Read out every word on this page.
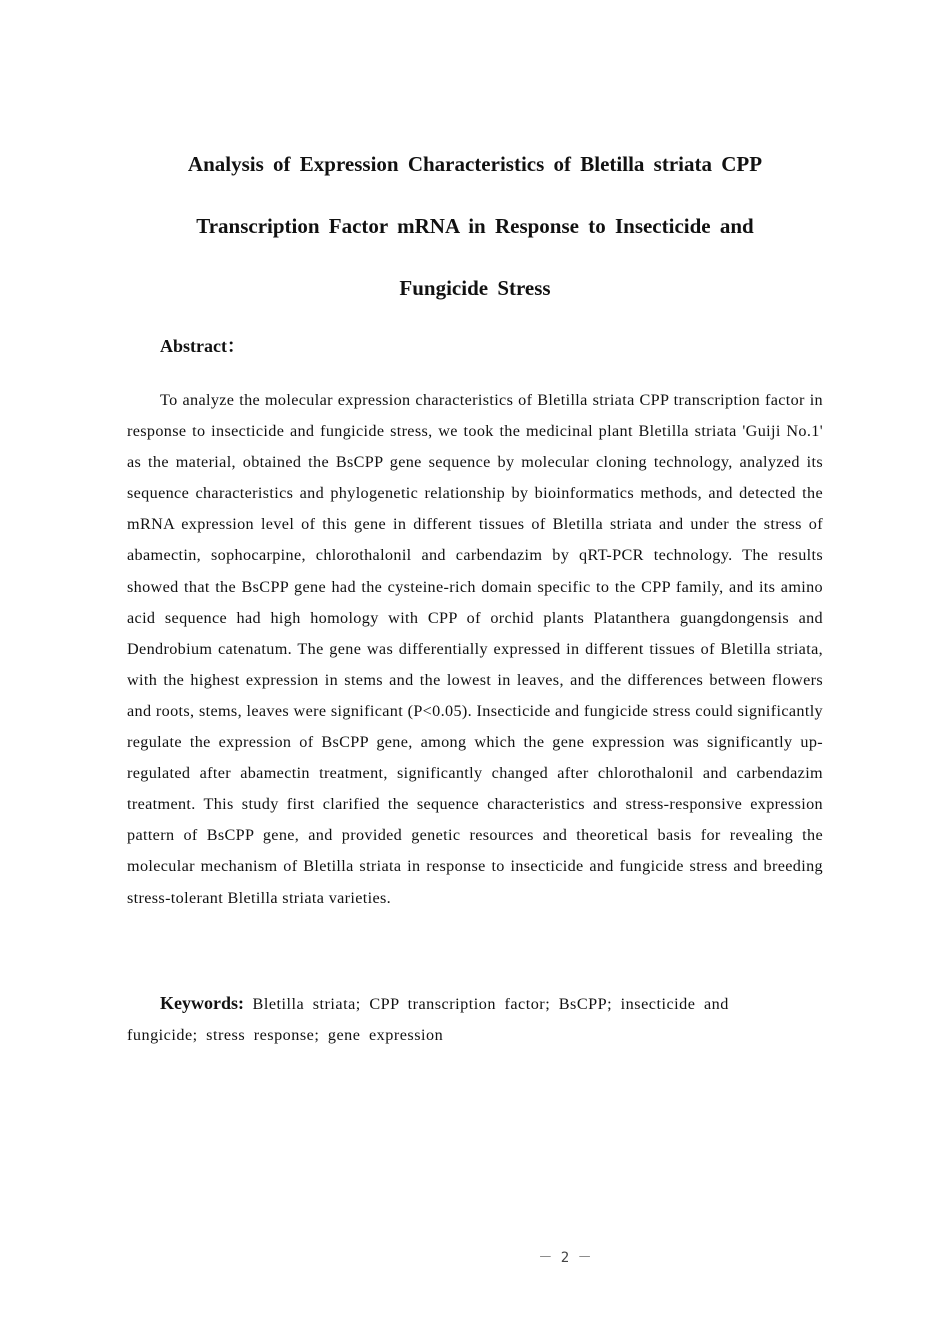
Analysis of Expression Characteristics of Bletilla striata CPP
Transcription Factor mRNA in Response to Insecticide and
Fungicide Stress
Abstract：

To analyze the molecular expression characteristics of Bletilla striata CPP transcription factor in response to insecticide and fungicide stress, we took the medicinal plant Bletilla striata 'Guiji No.1' as the material, obtained the BsCPP gene sequence by molecular cloning technology, analyzed its sequence characteristics and phylogenetic relationship by bioinformatics methods, and detected the mRNA expression level of this gene in different tissues of Bletilla striata and under the stress of abamectin, sophocarpine, chlorothalonil and carbendazim by qRT-PCR technology. The results showed that the BsCPP gene had the cysteine-rich domain specific to the CPP family, and its amino acid sequence had high homology with CPP of orchid plants Platanthera guangdongensis and Dendrobium catenatum. The gene was differentially expressed in different tissues of Bletilla striata, with the highest expression in stems and the lowest in leaves, and the differences between flowers and roots, stems, leaves were significant (P<0.05). Insecticide and fungicide stress could significantly regulate the expression of BsCPP gene, among which the gene expression was significantly up-regulated after abamectin treatment, significantly changed after chlorothalonil and carbendazim treatment. This study first clarified the sequence characteristics and stress-responsive expression pattern of BsCPP gene, and provided genetic resources and theoretical basis for revealing the molecular mechanism of Bletilla striata in response to insecticide and fungicide stress and breeding stress-tolerant Bletilla striata varieties.

Keywords: Bletilla striata; CPP transcription factor; BsCPP; insecticide and fungicide; stress response; gene expression

－ 2 －
